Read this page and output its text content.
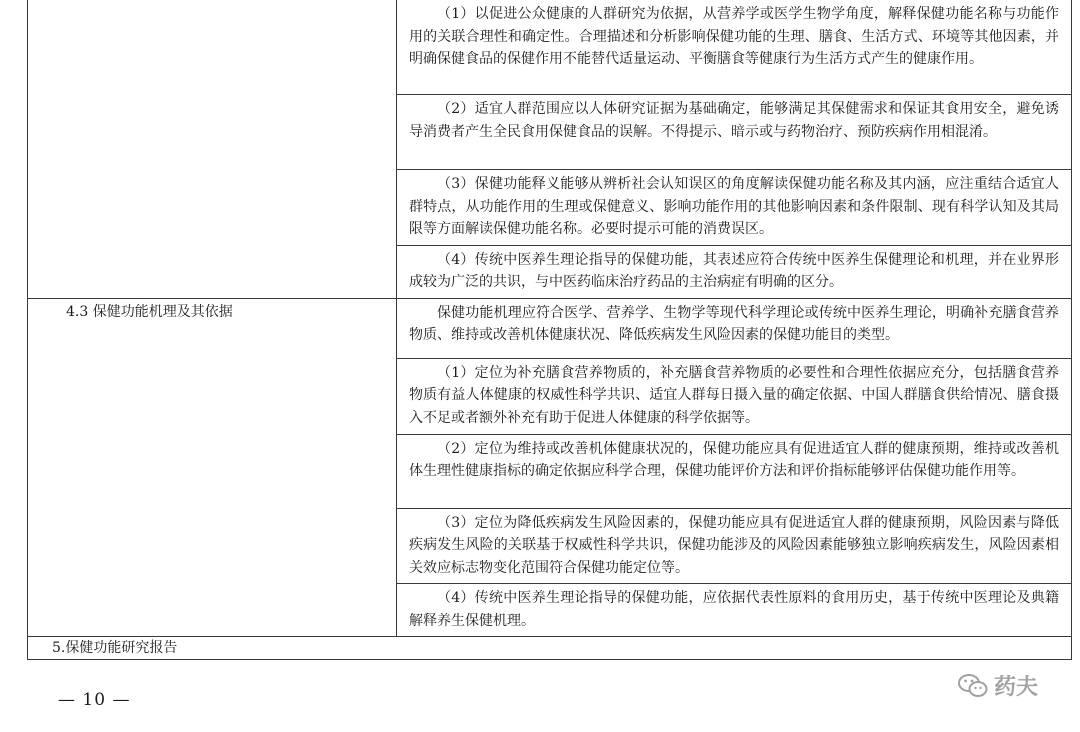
	（1）以促进公众健康的人群研究为依据，从营养学或医学生物学角度，解释保健功能名称与功能作用的关联合理性和确定性。合理描述和分析影响保健功能的生理、膳食、生活方式、环境等其他因素，并明确保健食品的保健作用不能替代适量运动、平衡膳食等健康行为生活方式产生的健康作用。

	（2）适宜人群范围应以人体研究证据为基础确定，能够满足其保健需求和保证其食用安全，避免诱导消费者产生全民食用保健食品的误解。不得提示、暗示或与药物治疗、预防疾病作用相混淆。

	（3）保健功能释义能够从辨析社会认知误区的角度解读保健功能名称及其内涵，应注重结合适宜人群特点，从功能作用的生理或保健意义、影响功能作用的其他影响因素和条件限制、现有科学认知及其局限等方面解读保健功能名称。必要时提示可能的消费误区。

	（4）传统中医养生理论指导的保健功能，其表述应符合传统中医养生保健理论和机理，并在业界形成较为广泛的共识，与中医药临床治疗药品的主治病症有明确的区分。

4.3 保健功能机理及其依据	保健功能机理应符合医学、营养学、生物学等现代科学理论或传统中医养生理论，明确补充膳食营养物质、维持或改善机体健康状况、降低疾病发生风险因素的保健功能目的类型。

	（1）定位为补充膳食营养物质的，补充膳食营养物质的必要性和合理性依据应充分，包括膳食营养物质有益人体健康的权威性科学共识、适宜人群每日摄入量的确定依据、中国人群膳食供给情况、膳食摄入不足或者额外补充有助于促进人体健康的科学依据等。

	（2）定位为维持或改善机体健康状况的，保健功能应具有促进适宜人群的健康预期，维持或改善机体生理性健康指标的确定依据应科学合理，保健功能评价方法和评价指标能够评估保健功能作用等。

	（3）定位为降低疾病发生风险因素的，保健功能应具有促进适宜人群的健康预期，风险因素与降低疾病发生风险的关联基于权威性科学共识，保健功能涉及的风险因素能够独立影响疾病发生，风险因素相关效应标志物变化范围符合保健功能定位等。

	（4）传统中医养生理论指导的保健功能，应依据代表性原料的食用历史，基于传统中医理论及典籍解释养生保健机理。

5.保健功能研究报告	
— 10 —	药夫
